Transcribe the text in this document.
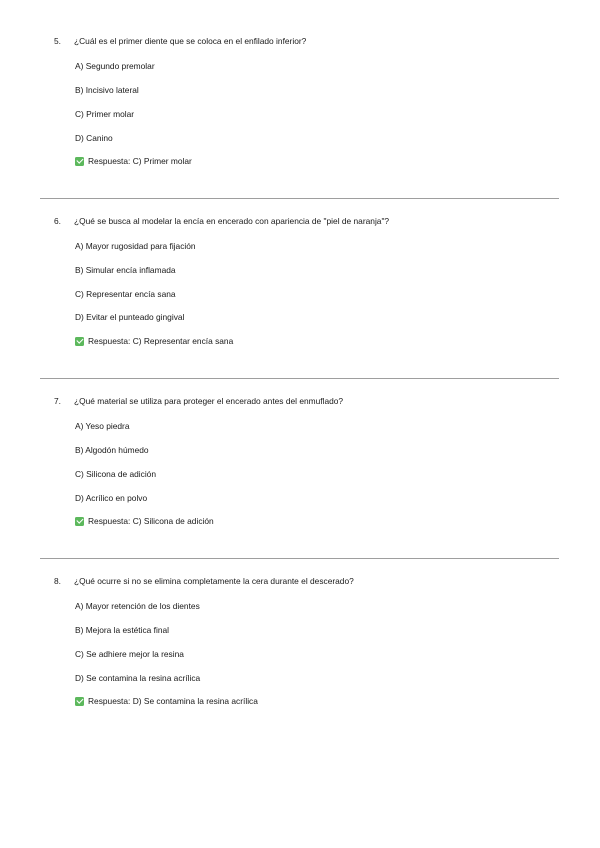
5. ¿Cuál es el primer diente que se coloca en el enfilado inferior?
A) Segundo premolar
B) Incisivo lateral
C) Primer molar
D) Canino
Respuesta: C) Primer molar
6. ¿Qué se busca al modelar la encía en encerado con apariencia de "piel de naranja"?
A) Mayor rugosidad para fijación
B) Simular encía inflamada
C) Representar encía sana
D) Evitar el punteado gingival
Respuesta: C) Representar encía sana
7. ¿Qué material se utiliza para proteger el encerado antes del enmuflado?
A) Yeso piedra
B) Algodón húmedo
C) Silicona de adición
D) Acrílico en polvo
Respuesta: C) Silicona de adición
8. ¿Qué ocurre si no se elimina completamente la cera durante el descerado?
A) Mayor retención de los dientes
B) Mejora la estética final
C) Se adhiere mejor la resina
D) Se contamina la resina acrílica
Respuesta: D) Se contamina la resina acrílica
